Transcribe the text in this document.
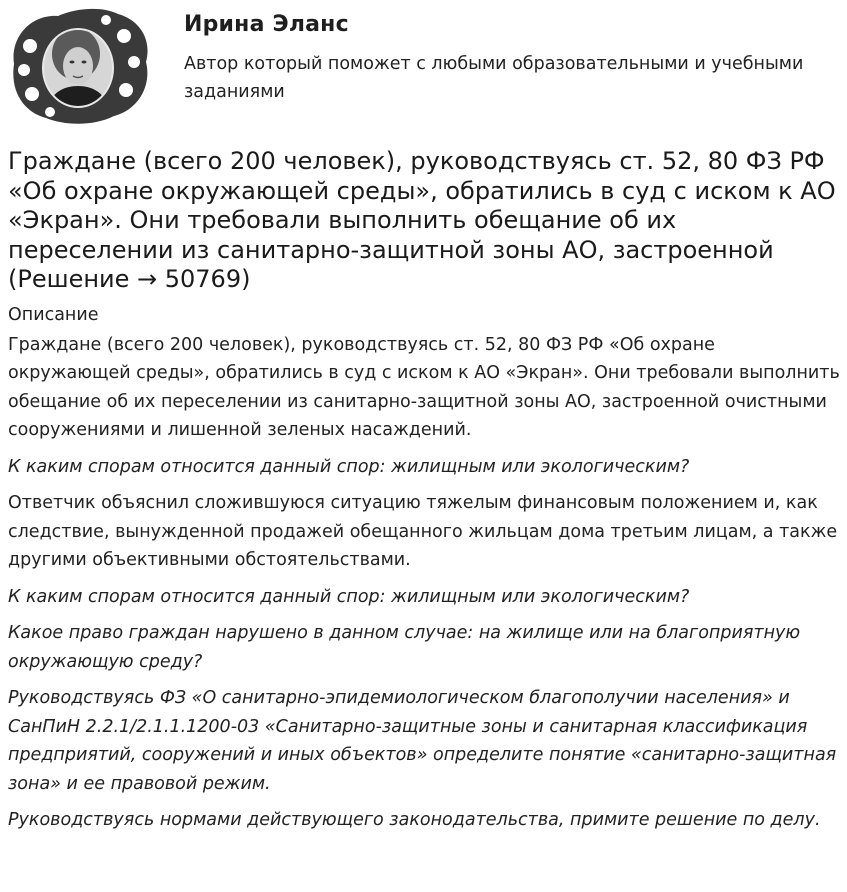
Ирина Эланс
Автор который поможет с любыми образовательными и учебными заданиями
Граждане (всего 200 человек), руководствуясь ст. 52, 80 ФЗ РФ «Об охране окружающей среды», обратились в суд с иском к АО «Экран». Они требовали выполнить обещание об их переселении из санитарно-защитной зоны АО, застроенной (Решение → 50769)
Описание

Граждане (всего 200 человек), руководствуясь ст. 52, 80 ФЗ РФ «Об охране окружающей среды», обратились в суд с иском к АО «Экран». Они требовали выполнить обещание об их переселении из санитарно-защитной зоны АО, застроенной очистными сооружениями и лишенной зеленых насаждений.

К каким спорам относится данный спор: жилищным или экологическим?

Ответчик объяснил сложившуюся ситуацию тяжелым финансовым положением и, как следствие, вынужденной продажей обещанного жильцам дома третьим лицам, а также другими объективными обстоятельствами.

К каким спорам относится данный спор: жилищным или экологическим?

Какое право граждан нарушено в данном случае: на жилище или на благоприятную окружающую среду?

Руководствуясь ФЗ «О санитарно-эпидемиологическом благополучии населения» и СанПиН 2.2.1/2.1.1.1200-03 «Санитарно-защитные зоны и санитарная классификация предприятий, сооружений и иных объектов» определите понятие «санитарно-защитная зона» и ее правовой режим.

Руководствуясь нормами действующего законодательства, примите решение по делу.
